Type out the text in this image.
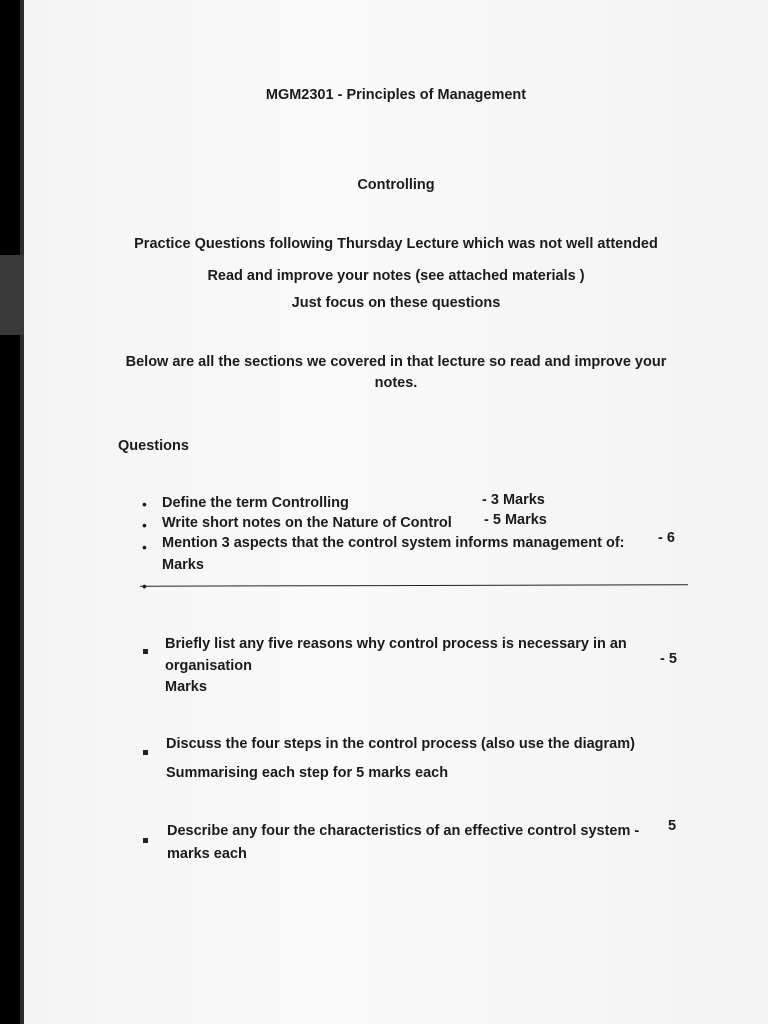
MGM2301 - Principles of Management
Controlling
Practice Questions following Thursday Lecture which was not well attended
Read and improve your notes (see attached materials )
Just focus on these questions
Below are all the sections we covered in that lecture so read and improve your
notes.
Questions
• Define the term Controlling	- 3 Marks
• Write short notes on the Nature of Control - 5 Marks
• Mention 3 aspects that the control system informs management of: - 6
Marks
•
Briefly list any five reasons why control process is necessary in an
organisation	- 5
Marks
Discuss the four steps in the control process (also use the diagram)
Summarising each step for 5 marks each
Describe any four the characteristics of an effective control system - 5
marks each
